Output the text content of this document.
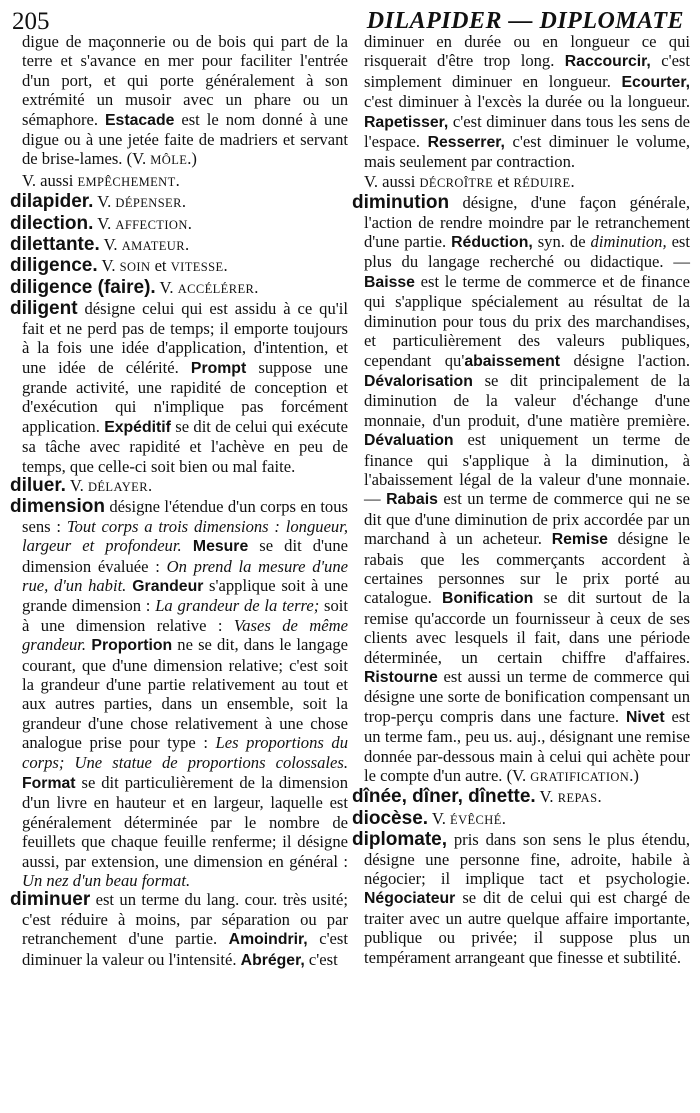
205	DILAPIDER — DIPLOMATE

digue de maçonnerie ou de bois qui part de la terre et s'avance en mer pour faciliter l'entrée d'un port, et qui porte généralement à son extrémité un musoir avec un phare ou un sémaphore. Estacade est le nom donné à une digue ou à une jetée faite de madriers et servant de brise-lames. (V. MÔLE.)

V. aussi EMPÊCHEMENT.

dilapider. V. DÉPENSER.

dilection. V. AFFECTION.

dilettante. V. AMATEUR.

diligence. V. SOIN et VITESSE.

diligence (faire). V. ACCÉLÉRER.

diligent désigne celui qui est assidu à ce qu'il fait et ne perd pas de temps; il emporte toujours à la fois une idée d'application, d'intention, et une idée de célérité. Prompt suppose une grande activité, une rapidité de conception et d'exécution qui n'implique pas forcément application. Expéditif se dit de celui qui exécute sa tâche avec rapidité et l'achève en peu de temps, que celle-ci soit bien ou mal faite.

diluer. V. DÉLAYER.

dimension désigne l'étendue d'un corps en tous sens : Tout corps a trois dimensions : longueur, largeur et profondeur. Mesure se dit d'une dimension évaluée : On prend la mesure d'une rue, d'un habit. Grandeur s'applique soit à une grande dimension : La grandeur de la terre; soit à une dimension relative : Vases de même grandeur. Proportion ne se dit, dans le langage courant, que d'une dimension relative; c'est soit la grandeur d'une partie relativement au tout et aux autres parties, dans un ensemble, soit la grandeur d'une chose relativement à une chose analogue prise pour type : Les proportions du corps; Une statue de proportions colossales. Format se dit particulièrement de la dimension d'un livre en hauteur et en largeur, laquelle est généralement déterminée par le nombre de feuillets que chaque feuille renferme; il désigne aussi, par extension, une dimension en général : Un nez d'un beau format.

diminuer est un terme du lang. cour. très usité; c'est réduire à moins, par séparation ou par retranchement d'une partie. Amoindrir, c'est diminuer la valeur ou l'intensité. Abréger, c'est

diminuer en durée ou en longueur ce qui risquerait d'être trop long. Raccourcir, c'est simplement diminuer en longueur. Ecourter, c'est diminuer à l'excès la durée ou la longueur. Rapetisser, c'est diminuer dans tous les sens de l'espace. Resserrer, c'est diminuer le volume, mais seulement par contraction.

V. aussi DÉCROÎTRE et RÉDUIRE.

diminution désigne, d'une façon générale, l'action de rendre moindre par le retranchement d'une partie. Réduction, syn. de diminution, est plus du langage recherché ou didactique. — Baisse est le terme de commerce et de finance qui s'applique spécialement au résultat de la diminution pour tous du prix des marchandises, et particulièrement des valeurs publiques, cependant qu'abaissement désigne l'action. Dévalorisation se dit principalement de la diminution de la valeur d'échange d'une monnaie, d'un produit, d'une matière première. Dévaluation est uniquement un terme de finance qui s'applique à la diminution, à l'abaissement légal de la valeur d'une monnaie. — Rabais est un terme de commerce qui ne se dit que d'une diminution de prix accordée par un marchand à un acheteur. Remise désigne le rabais que les commerçants accordent à certaines personnes sur le prix porté au catalogue. Bonification se dit surtout de la remise qu'accorde un fournisseur à ceux de ses clients avec lesquels il fait, dans une période déterminée, un certain chiffre d'affaires. Ristourne est aussi un terme de commerce qui désigne une sorte de bonification compensant un trop-perçu compris dans une facture. Nivet est un terme fam., peu us. auj., désignant une remise donnée par-dessous main à celui qui achète pour le compte d'un autre. (V. GRATIFICATION.)

dînée, dîner, dînette. V. REPAS.

diocèse. V. ÉVÊCHÉ.

diplomate, pris dans son sens le plus étendu, désigne une personne fine, adroite, habile à négocier; il implique tact et psychologie. Négociateur se dit de celui qui est chargé de traiter avec un autre quelque affaire importante, publique ou privée; il suppose plus un tempérament arrangeant que finesse et subtilité.
